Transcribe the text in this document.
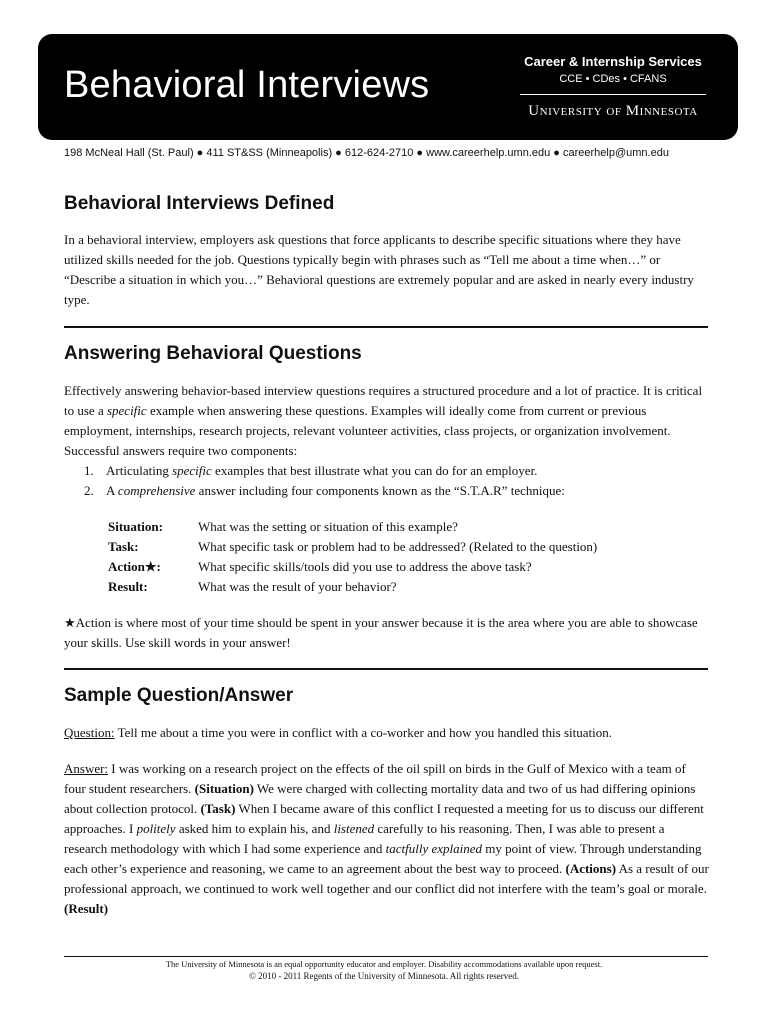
Behavioral Interviews
Career & Internship Services
CCE • CDes • CFANS
University of Minnesota
198 McNeal Hall (St. Paul) ● 411 ST&SS (Minneapolis) ● 612-624-2710 ● www.careerhelp.umn.edu ● careerhelp@umn.edu
Behavioral Interviews Defined

In a behavioral interview, employers ask questions that force applicants to describe specific situations where they have utilized skills needed for the job. Questions typically begin with phrases such as “Tell me about a time when…” or “Describe a situation in which you…” Behavioral questions are extremely popular and are asked in nearly every industry type.

Answering Behavioral Questions

Effectively answering behavior-based interview questions requires a structured procedure and a lot of practice. It is critical to use a specific example when answering these questions. Examples will ideally come from current or previous employment, internships, research projects, relevant volunteer activities, class projects, or organization involvement. Successful answers require two components:

1. Articulating specific examples that best illustrate what you can do for an employer.
2. A comprehensive answer including four components known as the “S.T.A.R” technique:
Situation:	What was the setting or situation of this example?
Task:	What specific task or problem had to be addressed? (Related to the question)
Action★:	What specific skills/tools did you use to address the above task?
Result:	What was the result of your behavior?

★Action is where most of your time should be spent in your answer because it is the area where you are able to showcase your skills. Use skill words in your answer!

Sample Question/Answer

Question: Tell me about a time you were in conflict with a co-worker and how you handled this situation.

Answer: I was working on a research project on the effects of the oil spill on birds in the Gulf of Mexico with a team of four student researchers. (Situation) We were charged with collecting mortality data and two of us had differing opinions about collection protocol. (Task) When I became aware of this conflict I requested a meeting for us to discuss our different approaches. I politely asked him to explain his, and listened carefully to his reasoning. Then, I was able to present a research methodology with which I had some experience and tactfully explained my point of view. Through understanding each other’s experience and reasoning, we came to an agreement about the best way to proceed. (Actions) As a result of our professional approach, we continued to work well together and our conflict did not interfere with the team’s goal or morale. (Result)

The University of Minnesota is an equal opportunity educator and employer. Disability accommodations available upon request.
© 2010 - 2011 Regents of the University of Minnesota. All rights reserved.
